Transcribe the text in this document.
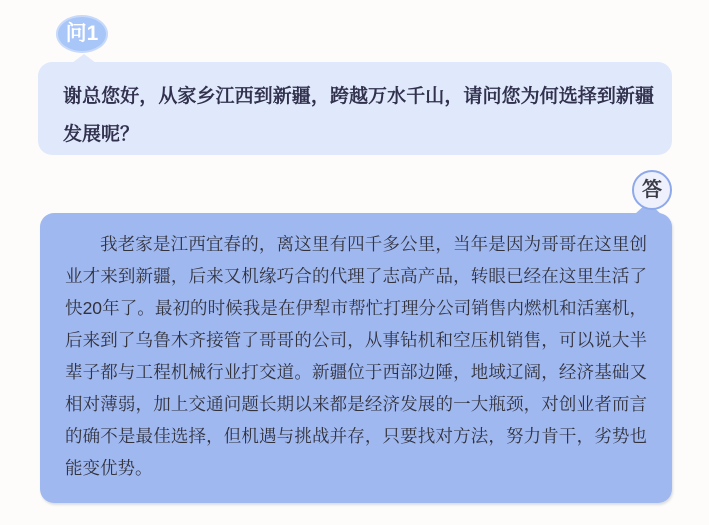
问1

谢总您好，从家乡江西到新疆，跨越万水千山，请问您为何选择到新疆发展呢？

答

我老家是江西宜春的，离这里有四千多公里，当年是因为哥哥在这里创业才来到新疆，后来又机缘巧合的代理了志高产品，转眼已经在这里生活了快20年了。最初的时候我是在伊犁市帮忙打理分公司销售内燃机和活塞机，后来到了乌鲁木齐接管了哥哥的公司，从事钻机和空压机销售，可以说大半辈子都与工程机械行业打交道。新疆位于西部边陲，地域辽阔，经济基础又相对薄弱，加上交通问题长期以来都是经济发展的一大瓶颈，对创业者而言的确不是最佳选择，但机遇与挑战并存，只要找对方法，努力肯干，劣势也能变优势。
